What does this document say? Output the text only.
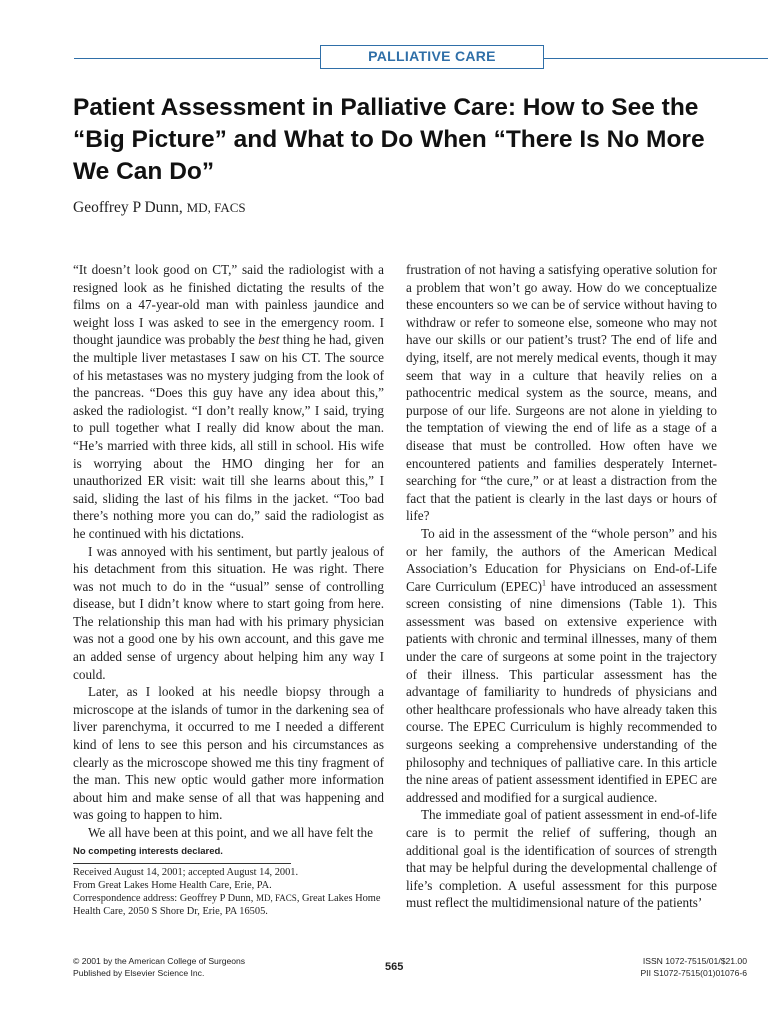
PALLIATIVE CARE
Patient Assessment in Palliative Care: How to See the “Big Picture” and What to Do When “There Is No More We Can Do”

Geoffrey P Dunn, MD, FACS

“It doesn’t look good on CT,” said the radiologist with a resigned look as he finished dictating the results of the films on a 47-year-old man with painless jaundice and weight loss I was asked to see in the emergency room. I thought jaundice was probably the best thing he had, given the multiple liver metastases I saw on his CT. The source of his metastases was no mystery judging from the look of the pancreas. “Does this guy have any idea about this,” asked the radiologist. “I don’t really know,” I said, trying to pull together what I really did know about the man. “He’s married with three kids, all still in school. His wife is worrying about the HMO dinging her for an unauthorized ER visit: wait till she learns about this,” I said, sliding the last of his films in the jacket. “Too bad there’s nothing more you can do,” said the radiologist as he continued with his dictations.

I was annoyed with his sentiment, but partly jealous of his detachment from this situation. He was right. There was not much to do in the “usual” sense of controlling disease, but I didn’t know where to start going from here. The relationship this man had with his primary physician was not a good one by his own account, and this gave me an added sense of urgency about helping him any way I could.

Later, as I looked at his needle biopsy through a microscope at the islands of tumor in the darkening sea of liver parenchyma, it occurred to me I needed a different kind of lens to see this person and his circumstances as clearly as the microscope showed me this tiny fragment of the man. This new optic would gather more information about him and make sense of all that was happening and was going to happen to him.

We all have been at this point, and we all have felt the

frustration of not having a satisfying operative solution for a problem that won’t go away. How do we conceptualize these encounters so we can be of service without having to withdraw or refer to someone else, someone who may not have our skills or our patient’s trust? The end of life and dying, itself, are not merely medical events, though it may seem that way in a culture that heavily relies on a pathocentric medical system as the source, means, and purpose of our life. Surgeons are not alone in yielding to the temptation of viewing the end of life as a stage of a disease that must be controlled. How often have we encountered patients and families desperately Internet-searching for “the cure,” or at least a distraction from the fact that the patient is clearly in the last days or hours of life?

To aid in the assessment of the “whole person” and his or her family, the authors of the American Medical Association’s Education for Physicians on End-of-Life Care Curriculum (EPEC)$^1$ have introduced an assessment screen consisting of nine dimensions (Table 1). This assessment was based on extensive experience with patients with chronic and terminal illnesses, many of them under the care of surgeons at some point in the trajectory of their illness. This particular assessment has the advantage of familiarity to hundreds of physicians and other healthcare professionals who have already taken this course. The EPEC Curriculum is highly recommended to surgeons seeking a comprehensive understanding of the philosophy and techniques of palliative care. In this article the nine areas of patient assessment identified in EPEC are addressed and modified for a surgical audience.

The immediate goal of patient assessment in end-of-life care is to permit the relief of suffering, though an additional goal is the identification of sources of strength that may be helpful during the developmental challenge of life’s completion. A useful assessment for this purpose must reflect the multidimensional nature of the patients’

No competing interests declared.

Received August 14, 2001; accepted August 14, 2001.
From Great Lakes Home Health Care, Erie, PA.
Correspondence address: Geoffrey P Dunn, MD, FACS, Great Lakes Home Health Care, 2050 S Shore Dr, Erie, PA 16505.
© 2001 by the American College of Surgeons
Published by Elsevier Science Inc.	565	ISSN 1072-7515/01/$21.00
PII S1072-7515(01)01076-6
